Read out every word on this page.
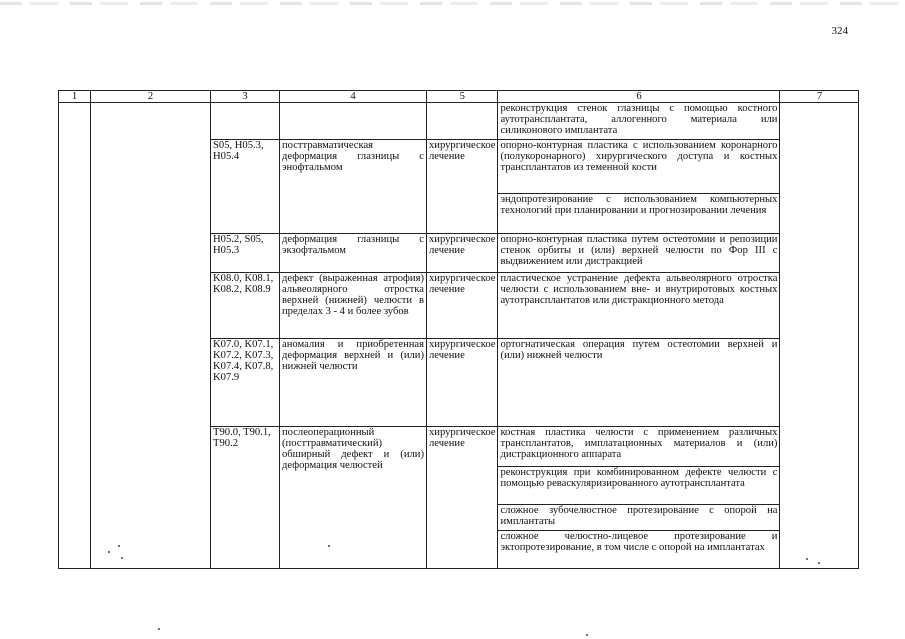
324
1	2	3	4	5	6	7
					реконструкция стенок глазницы с помощью костного аутотрансплантата, аллогенного материала или силиконового имплантата	
		S05, H05.3, H05.4	посттравматическая деформация глазницы с энофтальмом	хирургическое лечение	опорно-контурная пластика с использованием коронарного (полукоронарного) хирургического доступа и костных трансплантатов из теменной кости	
					эндопротезирование с использованием компьютерных технологий при планировании и прогнозировании лечения	
		H05.2, S05, H05.3	деформация глазницы с экзофтальмом	хирургическое лечение	опорно-контурная пластика путем остеотомии и репозиции стенок орбиты и (или) верхней челюсти по Фор III с выдвижением или дистракцией	
		K08.0, K08.1, K08.2, K08.9	дефект (выраженная атрофия) альвеолярного отростка верхней (нижней) челюсти в пределах 3 - 4 и более зубов	хирургическое лечение	пластическое устранение дефекта альвеолярного отростка челюсти с использованием вне- и внутриротовых костных аутотрансплантатов или дистракционного метода	
		K07.0, K07.1, K07.2, K07.3, K07.4, K07.8, K07.9	аномалия и приобретенная деформация верхней и (или) нижней челюсти	хирургическое лечение	ортогнатическая операция путем остеотомии верхней и (или) нижней челюсти	
		T90.0, T90.1, T90.2	послеоперационный (посттравматический) обширный дефект и (или) деформация челюстей	хирургическое лечение	костная пластика челюсти с применением различных трансплантатов, имплатационных материалов и (или) дистракционного аппарата	
					реконструкция при комбинированном дефекте челюсти с помощью реваскуляризированного аутотрансплантата	
					сложное зубочелюстное протезирование с опорой на имплантаты	
					сложное челюстно-лицевое протезирование и эктопротезирование, в том числе с опорой на имплантатах	
